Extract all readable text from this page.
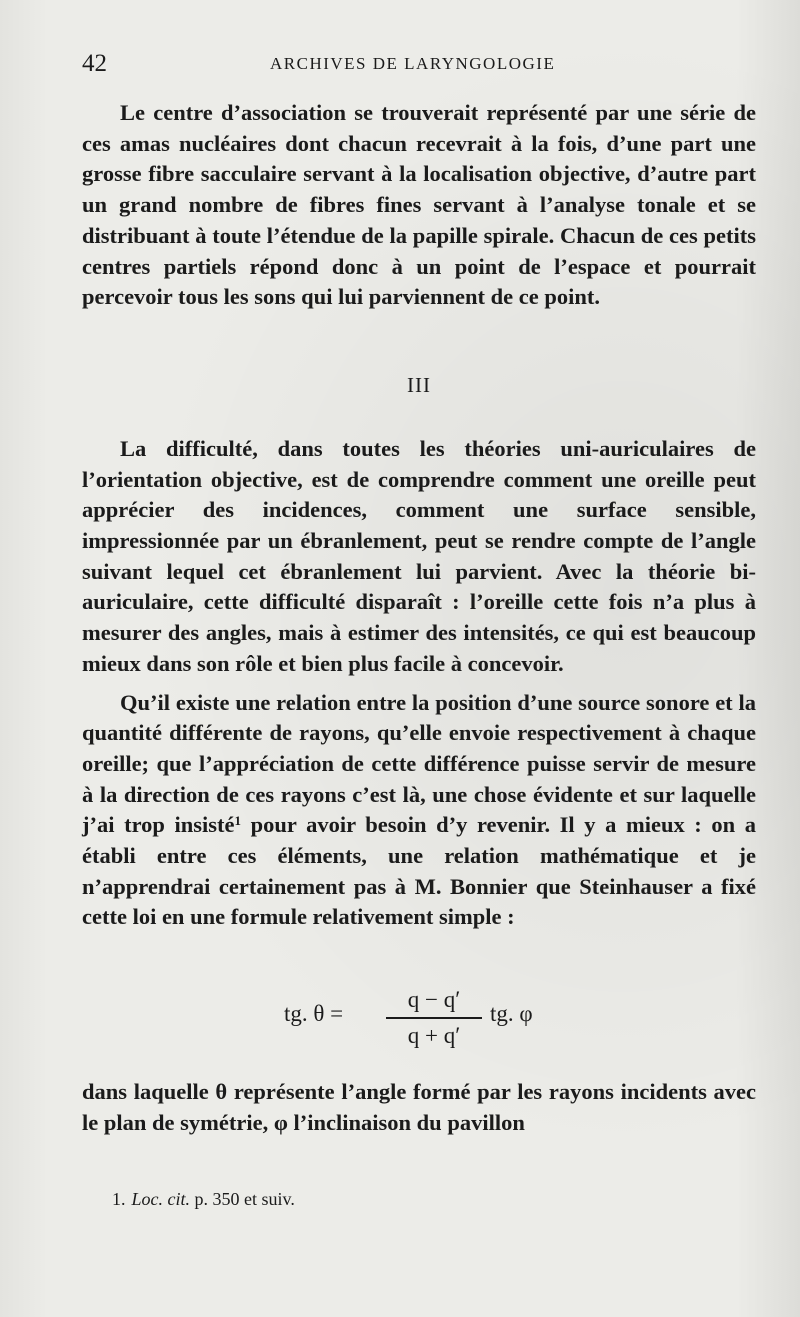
42	ARCHIVES DE LARYNGOLOGIE

Le centre d’association se trouverait représenté par une série de ces amas nucléaires dont chacun recevrait à la fois, d’une part une grosse fibre sacculaire servant à la localisation objective, d’autre part un grand nombre de fibres fines servant à l’analyse tonale et se distribuant à toute l’étendue de la papille spirale. Chacun de ces petits centres partiels répond donc à un point de l’espace et pourrait percevoir tous les sons qui lui parviennent de ce point.

III

La difficulté, dans toutes les théories uni-auriculaires de l’orientation objective, est de comprendre comment une oreille peut apprécier des incidences, comment une surface sensible, impressionnée par un ébranlement, peut se rendre compte de l’angle suivant lequel cet ébranlement lui parvient. Avec la théorie bi-auriculaire, cette difficulté disparaît : l’oreille cette fois n’a plus à mesurer des angles, mais à estimer des intensités, ce qui est beaucoup mieux dans son rôle et bien plus facile à concevoir.

Qu’il existe une relation entre la position d’une source sonore et la quantité différente de rayons, qu’elle envoie respectivement à chaque oreille; que l’appréciation de cette différence puisse servir de mesure à la direction de ces rayons c’est là, une chose évidente et sur laquelle j’ai trop insisté$^1$ pour avoir besoin d’y revenir. Il y a mieux : on a établi entre ces éléments, une relation mathématique et je n’apprendrai certainement pas à M. Bonnier que Steinhauser a fixé cette loi en une formule relativement simple :

tg. θ =
q − q′
q + q′
tg. φ

dans laquelle θ représente l’angle formé par les rayons incidents avec le plan de symétrie, φ l’inclinaison du pavillon

1. Loc. cit. p. 350 et suiv.
